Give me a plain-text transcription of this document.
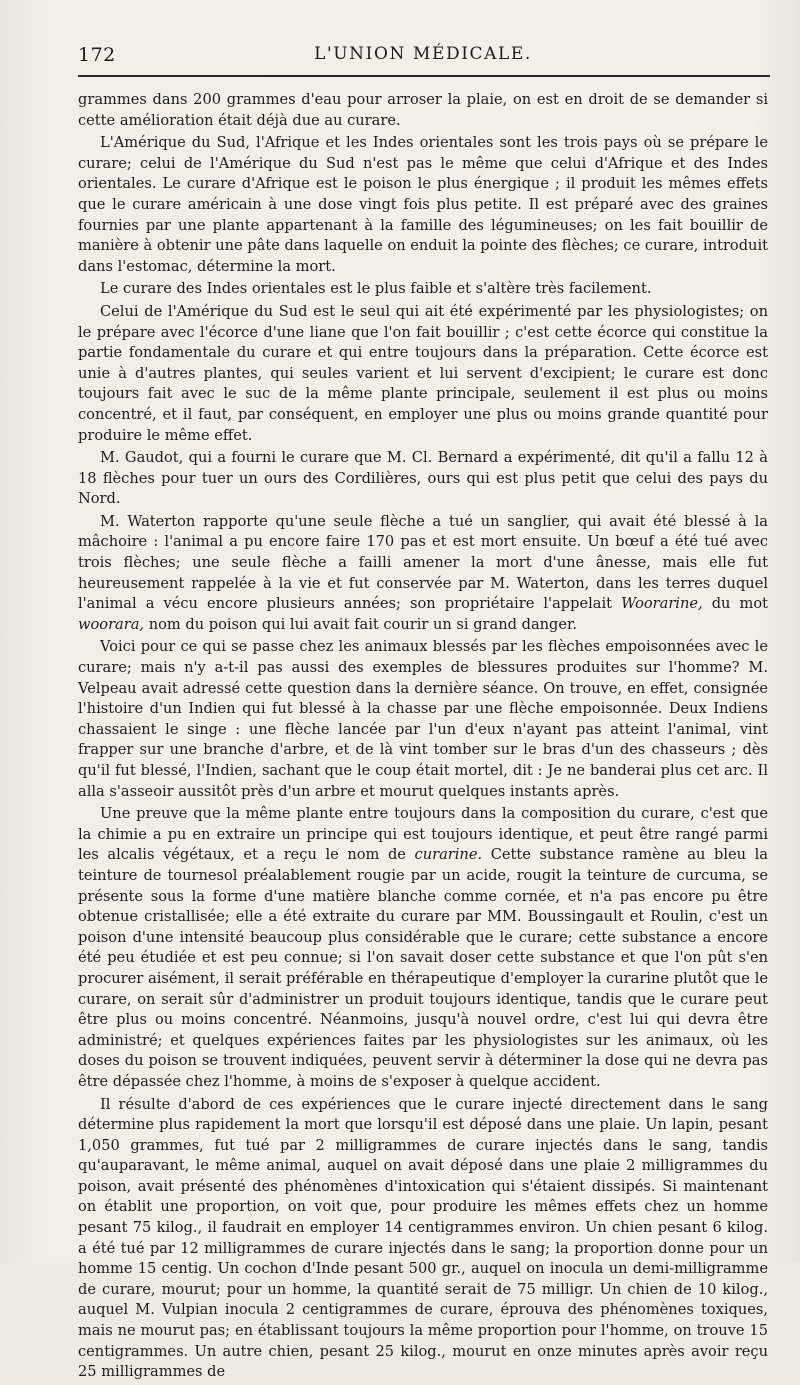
172	L'UNION MÉDICALE.

grammes dans 200 grammes d'eau pour arroser la plaie, on est en droit de se demander si cette amélioration était déjà due au curare.

L'Amérique du Sud, l'Afrique et les Indes orientales sont les trois pays où se prépare le curare; celui de l'Amérique du Sud n'est pas le même que celui d'Afrique et des Indes orientales. Le curare d'Afrique est le poison le plus énergique ; il produit les mêmes effets que le curare américain à une dose vingt fois plus petite. Il est préparé avec des graines fournies par une plante appartenant à la famille des légumineuses; on les fait bouillir de manière à obtenir une pâte dans laquelle on enduit la pointe des flèches; ce curare, introduit dans l'estomac, détermine la mort.

Le curare des Indes orientales est le plus faible et s'altère très facilement.

Celui de l'Amérique du Sud est le seul qui ait été expérimenté par les physiologistes; on le prépare avec l'écorce d'une liane que l'on fait bouillir ; c'est cette écorce qui constitue la partie fondamentale du curare et qui entre toujours dans la préparation. Cette écorce est unie à d'autres plantes, qui seules varient et lui servent d'excipient; le curare est donc toujours fait avec le suc de la même plante principale, seulement il est plus ou moins concentré, et il faut, par conséquent, en employer une plus ou moins grande quantité pour produire le même effet.

M. Gaudot, qui a fourni le curare que M. Cl. Bernard a expérimenté, dit qu'il a fallu 12 à 18 flèches pour tuer un ours des Cordilières, ours qui est plus petit que celui des pays du Nord.

M. Waterton rapporte qu'une seule flèche a tué un sanglier, qui avait été blessé à la mâchoire : l'animal a pu encore faire 170 pas et est mort ensuite. Un bœuf a été tué avec trois flèches; une seule flèche a failli amener la mort d'une ânesse, mais elle fut heureusement rappelée à la vie et fut conservée par M. Waterton, dans les terres duquel l'animal a vécu encore plusieurs années; son propriétaire l'appelait Woorarine, du mot woorara, nom du poison qui lui avait fait courir un si grand danger.

Voici pour ce qui se passe chez les animaux blessés par les flèches empoisonnées avec le curare; mais n'y a-t-il pas aussi des exemples de blessures produites sur l'homme? M. Velpeau avait adressé cette question dans la dernière séance. On trouve, en effet, consignée l'histoire d'un Indien qui fut blessé à la chasse par une flèche empoisonnée. Deux Indiens chassaient le singe : une flèche lancée par l'un d'eux n'ayant pas atteint l'animal, vint frapper sur une branche d'arbre, et de là vint tomber sur le bras d'un des chasseurs ; dès qu'il fut blessé, l'Indien, sachant que le coup était mortel, dit : Je ne banderai plus cet arc. Il alla s'asseoir aussitôt près d'un arbre et mourut quelques instants après.

Une preuve que la même plante entre toujours dans la composition du curare, c'est que la chimie a pu en extraire un principe qui est toujours identique, et peut être rangé parmi les alcalis végétaux, et a reçu le nom de curarine. Cette substance ramène au bleu la teinture de tournesol préalablement rougie par un acide, rougit la teinture de curcuma, se présente sous la forme d'une matière blanche comme cornée, et n'a pas encore pu être obtenue cristallisée; elle a été extraite du curare par MM. Boussingault et Roulin, c'est un poison d'une intensité beaucoup plus considérable que le curare; cette substance a encore été peu étudiée et est peu connue; si l'on savait doser cette substance et que l'on pût s'en procurer aisément, il serait préférable en thérapeutique d'employer la curarine plutôt que le curare, on serait sûr d'administrer un produit toujours identique, tandis que le curare peut être plus ou moins concentré. Néanmoins, jusqu'à nouvel ordre, c'est lui qui devra être administré; et quelques expériences faites par les physiologistes sur les animaux, où les doses du poison se trouvent indiquées, peuvent servir à déterminer la dose qui ne devra pas être dépassée chez l'homme, à moins de s'exposer à quelque accident.

Il résulte d'abord de ces expériences que le curare injecté directement dans le sang détermine plus rapidement la mort que lorsqu'il est déposé dans une plaie. Un lapin, pesant 1,050 grammes, fut tué par 2 milligrammes de curare injectés dans le sang, tandis qu'auparavant, le même animal, auquel on avait déposé dans une plaie 2 milligrammes du poison, avait présenté des phénomènes d'intoxication qui s'étaient dissipés. Si maintenant on établit une proportion, on voit que, pour produire les mêmes effets chez un homme pesant 75 kilog., il faudrait en employer 14 centigrammes environ. Un chien pesant 6 kilog. a été tué par 12 milligrammes de curare injectés dans le sang; la proportion donne pour un homme 15 centig. Un cochon d'Inde pesant 500 gr., auquel on inocula un demi-milligramme de curare, mourut; pour un homme, la quantité serait de 75 milligr. Un chien de 10 kilog., auquel M. Vulpian inocula 2 centigrammes de curare, éprouva des phénomènes toxiques, mais ne mourut pas; en établissant toujours la même proportion pour l'homme, on trouve 15 centigrammes. Un autre chien, pesant 25 kilog., mourut en onze minutes après avoir reçu 25 milligrammes de
